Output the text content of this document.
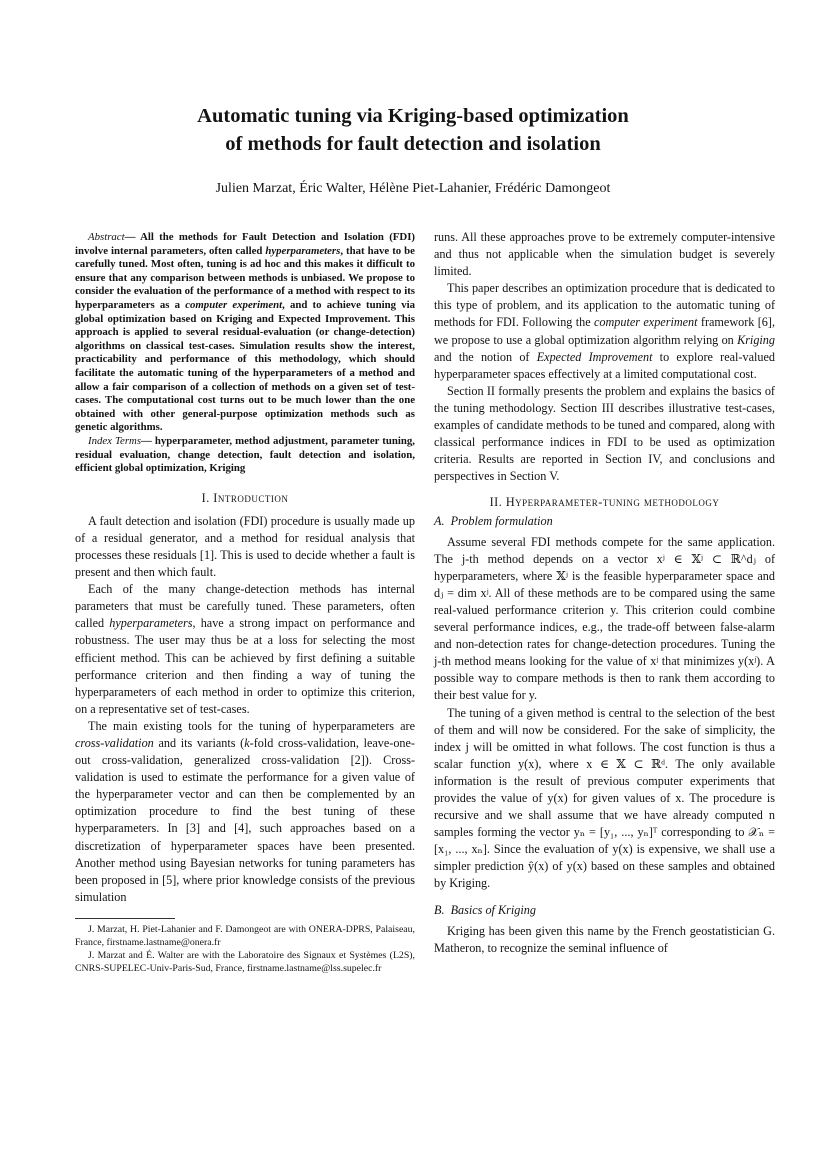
Automatic tuning via Kriging-based optimization
of methods for fault detection and isolation
Julien Marzat, Éric Walter, Hélène Piet-Lahanier, Frédéric Damongeot

Abstract— All the methods for Fault Detection and Isolation (FDI) involve internal parameters, often called hyperparameters, that have to be carefully tuned. Most often, tuning is ad hoc and this makes it difficult to ensure that any comparison between methods is unbiased. We propose to consider the evaluation of the performance of a method with respect to its hyperparameters as a computer experiment, and to achieve tuning via global optimization based on Kriging and Expected Improvement. This approach is applied to several residual-evaluation (or change-detection) algorithms on classical test-cases. Simulation results show the interest, practicability and performance of this methodology, which should facilitate the automatic tuning of the hyperparameters of a method and allow a fair comparison of a collection of methods on a given set of test-cases. The computational cost turns out to be much lower than the one obtained with other general-purpose optimization methods such as genetic algorithms.

Index Terms— hyperparameter, method adjustment, parameter tuning, residual evaluation, change detection, fault detection and isolation, efficient global optimization, Kriging

I. Introduction

A fault detection and isolation (FDI) procedure is usually made up of a residual generator, and a method for residual analysis that processes these residuals [1]. This is used to decide whether a fault is present and then which fault.

Each of the many change-detection methods has internal parameters that must be carefully tuned. These parameters, often called hyperparameters, have a strong impact on performance and robustness. The user may thus be at a loss for selecting the most efficient method. This can be achieved by first defining a suitable performance criterion and then finding a way of tuning the hyperparameters of each method in order to optimize this criterion, on a representative set of test-cases.

The main existing tools for the tuning of hyperparameters are cross-validation and its variants (k-fold cross-validation, leave-one-out cross-validation, generalized cross-validation [2]). Cross-validation is used to estimate the performance for a given value of the hyperparameter vector and can then be complemented by an optimization procedure to find the best tuning of these hyperparameters. In [3] and [4], such approaches based on a discretization of hyperparameter spaces have been presented. Another method using Bayesian networks for tuning parameters has been proposed in [5], where prior knowledge consists of the previous simulation

J. Marzat, H. Piet-Lahanier and F. Damongeot are with ONERA-DPRS, Palaiseau, France, firstname.lastname@onera.fr

J. Marzat and É. Walter are with the Laboratoire des Signaux et Systèmes (L2S), CNRS-SUPELEC-Univ-Paris-Sud, France, firstname.lastname@lss.supelec.fr

runs. All these approaches prove to be extremely computer-intensive and thus not applicable when the simulation budget is severely limited.

This paper describes an optimization procedure that is dedicated to this type of problem, and its application to the automatic tuning of methods for FDI. Following the computer experiment framework [6], we propose to use a global optimization algorithm relying on Kriging and the notion of Expected Improvement to explore real-valued hyperparameter spaces effectively at a limited computational cost.

Section II formally presents the problem and explains the basics of the tuning methodology. Section III describes illustrative test-cases, examples of candidate methods to be tuned and compared, along with classical performance indices in FDI to be used as optimization criteria. Results are reported in Section IV, and conclusions and perspectives in Section V.

II. Hyperparameter-tuning methodology

A. Problem formulation

Assume several FDI methods compete for the same application. The j-th method depends on a vector xʲ ∈ 𝕏ʲ ⊂ ℝ^dⱼ of hyperparameters, where 𝕏ʲ is the feasible hyperparameter space and dⱼ = dim xʲ. All of these methods are to be compared using the same real-valued performance criterion y. This criterion could combine several performance indices, e.g., the trade-off between false-alarm and non-detection rates for change-detection procedures. Tuning the j-th method means looking for the value of xʲ that minimizes y(xʲ). A possible way to compare methods is then to rank them according to their best value for y.

The tuning of a given method is central to the selection of the best of them and will now be considered. For the sake of simplicity, the index j will be omitted in what follows. The cost function is thus a scalar function y(x), where x ∈ 𝕏 ⊂ ℝᵈ. The only available information is the result of previous computer experiments that provides the value of y(x) for given values of x. The procedure is recursive and we shall assume that we have already computed n samples forming the vector yₙ = [y₁, ..., yₙ]ᵀ corresponding to 𝒳ₙ = [x₁, ..., xₙ]. Since the evaluation of y(x) is expensive, we shall use a simpler prediction ŷ(x) of y(x) based on these samples and obtained by Kriging.

B. Basics of Kriging

Kriging has been given this name by the French geostatistician G. Matheron, to recognize the seminal influence of
